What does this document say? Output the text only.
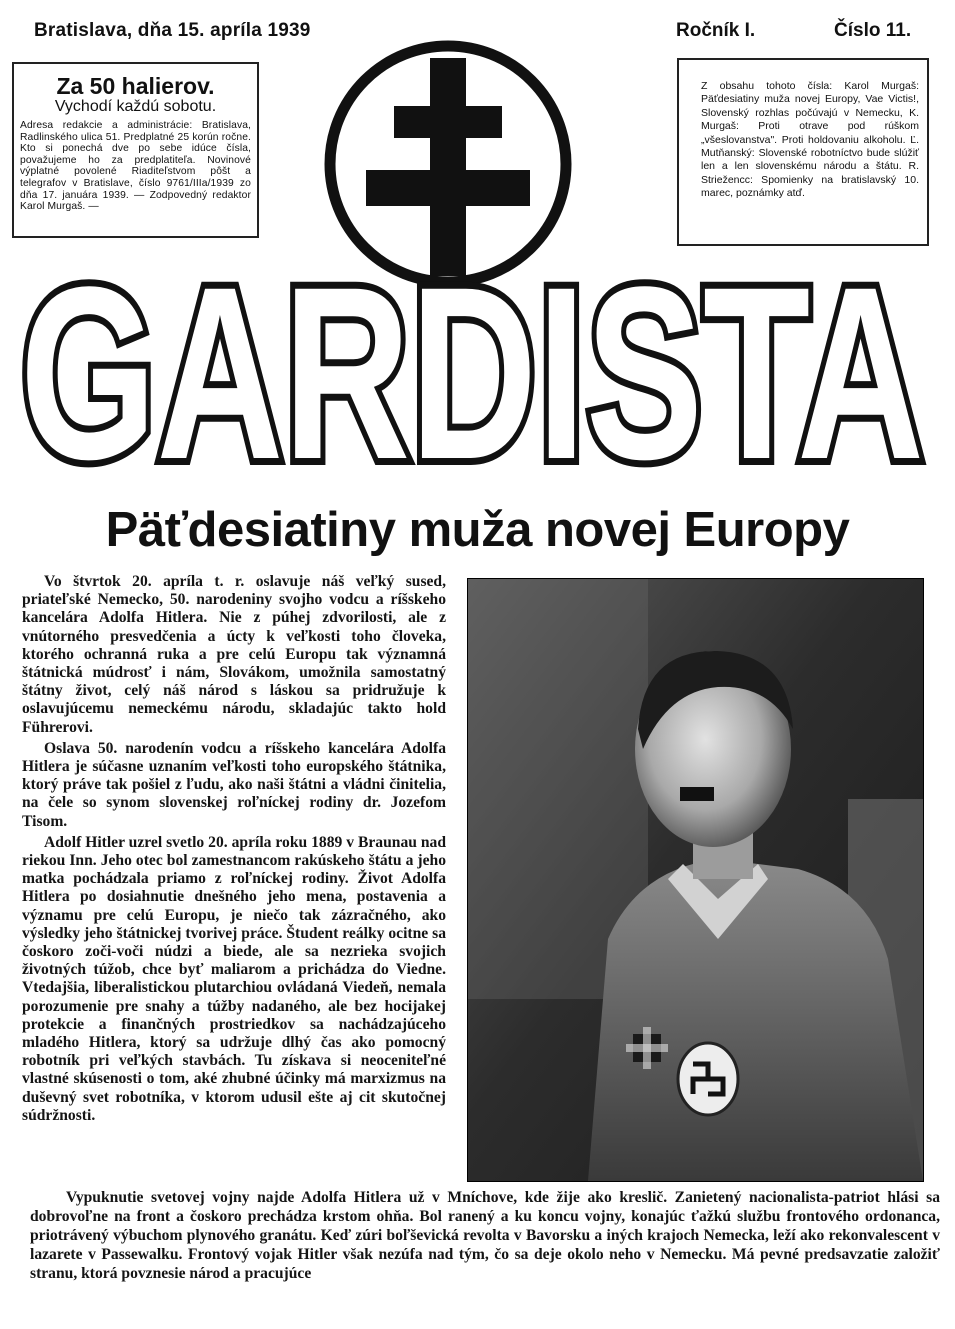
Bratislava, dňa 15. apríla 1939	Ročník I.	Číslo 11.
Za 50 halierov.
Vychodí každú sobotu.
Adresa redakcie a administrácie: Bratislava, Radlinského ulica 51. Predplatné 25 korún ročne. Kto si ponechá dve po sebe idúce čísla, považujeme ho za predplatiteľa. Novinové výplatné povolené Riaditeľstvom pôšt a telegrafov v Bratislave, číslo 9761/IIIa/1939 zo dňa 17. januára 1939. — Zodpovedný redaktor Karol Murgaš. —
Z obsahu tohoto čísla: Karol Murgaš: Päťdesiatiny muža novej Europy, Vae Victis!, Slovenský rozhlas počúvajú v Nemecku, K. Murgaš: Proti otrave pod rúškom „všeslovanstva". Proti holdovaniu alkoholu. Ľ. Mutňanský: Slovenské robotníctvo bude slúžiť len a len slovenskému národu a štátu. R. Striežencc: Spomienky na bratislavský 10. marec, poznámky atď.
GARDISTA
Päťdesiatiny muža novej Europy

Vo štvrtok 20. apríla t. r. oslavuje náš veľký sused, priateľské Nemecko, 50. narodeniny svojho vodcu a ríšskeho kancelára Adolfa Hitlera. Nie z púhej zdvorilosti, ale z vnútorného presvedčenia a úcty k veľkosti toho človeka, ktorého ochranná ruka a pre celú Europu tak významná štátnická múdrosť i nám, Slovákom, umožnila samostatný štátny život, celý náš národ s láskou sa pridružuje k oslavujúcemu nemeckému národu, skladajúc takto hold Führerovi.

Oslava 50. narodenín vodcu a ríšskeho kancelára Adolfa Hitlera je súčasne uznaním veľkosti toho europského štátnika, ktorý práve tak pošiel z ľudu, ako naši štátni a vládni činitelia, na čele so synom slovenskej roľníckej rodiny dr. Jozefom Tisom.

Adolf Hitler uzrel svetlo 20. apríla roku 1889 v Braunau nad riekou Inn. Jeho otec bol zamestnancom rakúskeho štátu a jeho matka pochádzala priamo z roľníckej rodiny. Život Adolfa Hitlera po dosiahnutie dnešného jeho mena, postavenia a významu pre celú Europu, je niečo tak zázračného, ako výsledky jeho štátnickej tvorivej práce. Študent reálky ocitne sa čoskoro zoči-voči núdzi a biede, ale sa nezrieka svojich životných túžob, chce byť maliarom a prichádza do Viedne. Vtedajšia, liberalistickou plutarchiou ovládaná Viedeň, nemala porozumenie pre snahy a túžby nadaného, ale bez hocijakej protekcie a finančných prostriedkov sa nachádzajúceho mladého Hitlera, ktorý sa udržuje dlhý čas ako pomocný robotník pri veľkých stavbách. Tu získava si neoceniteľné vlastné skúsenosti o tom, aké zhubné účinky má marxizmus na duševný svet robotníka, v ktorom udusil ešte aj cit skutočnej súdržnosti.

Vypuknutie svetovej vojny najde Adolfa Hitlera už v Mníchove, kde žije ako kreslič. Zanietený nacionalista-patriot hlási sa dobrovoľne na front a čoskoro prechádza krstom ohňa. Bol ranený a ku koncu vojny, konajúc ťažkú službu frontového ordonanca, priotrávený výbuchom plynového granátu. Keď zúri boľševická revolta v Bavorsku a iných krajoch Nemecka, leží ako rekonvalescent v lazarete v Passewalku. Frontový vojak Hitler však nezúfa nad tým, čo sa deje okolo neho v Nemecku. Má pevné predsavzatie založiť stranu, ktorá povznesie národ a pracujúce
